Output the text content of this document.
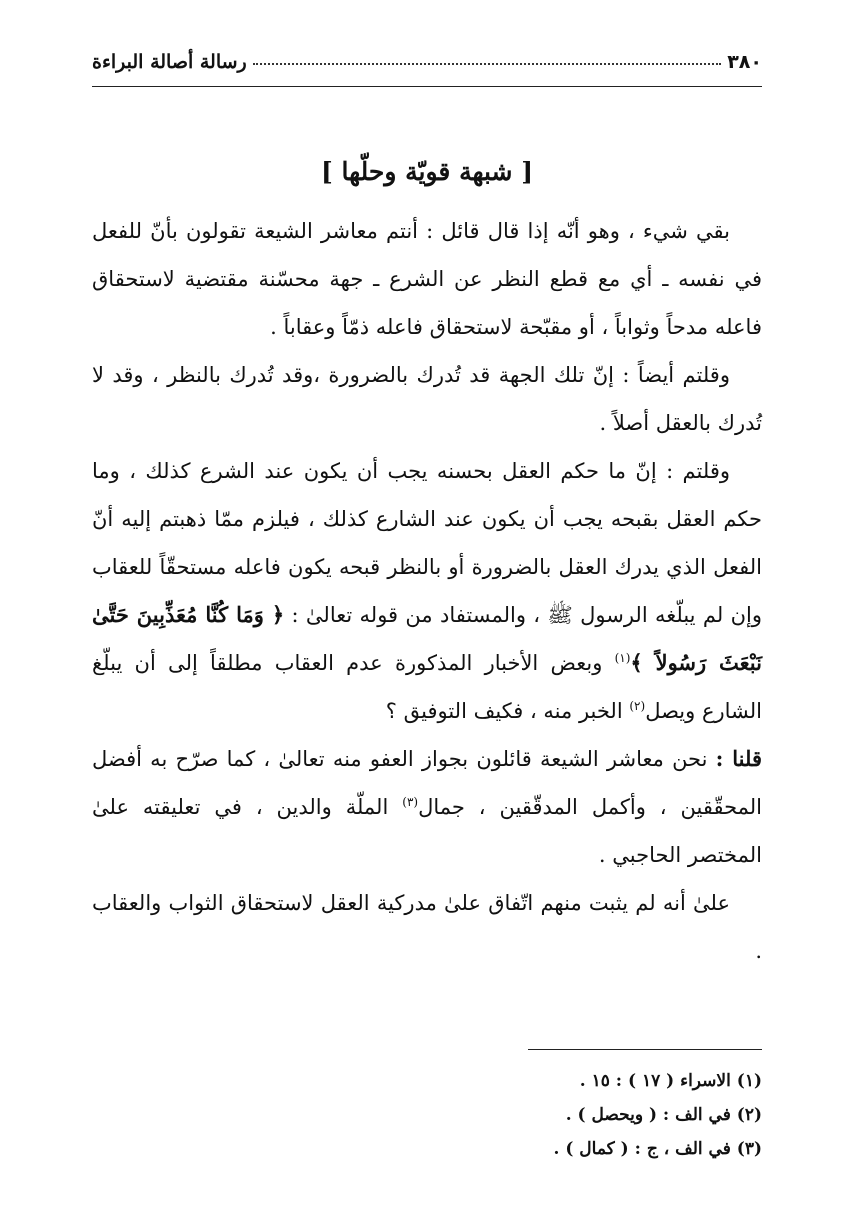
٣٨٠
رسالة أصالة البراءة
[ شبهة قويّة وحلّها ]

بقي شيء ، وهو أنّه إذا قال قائل : أنتم معاشر الشيعة تقولون بأنّ للفعل في نفسه ـ أي مع قطع النظر عن الشرع ـ جهة محسّنة مقتضية لاستحقاق فاعله مدحاً وثواباً ، أو مقبّحة لاستحقاق فاعله ذمّاً وعقاباً .

وقلتم أيضاً : إنّ تلك الجهة قد تُدرك بالضرورة ،وقد تُدرك بالنظر ، وقد لا تُدرك بالعقل أصلاً .

وقلتم : إنّ ما حكم العقل بحسنه يجب أن يكون عند الشرع كذلك ، وما حكم العقل بقبحه يجب أن يكون عند الشارع كذلك ، فيلزم ممّا ذهبتم إليه أنّ الفعل الذي يدرك العقل بالضرورة أو بالنظر قبحه يكون فاعله مستحقّاً للعقاب وإن لم يبلّغه الرسول ﷺ ، والمستفاد من قوله تعالىٰ : ﴿ وَمَا كُنَّا مُعَذِّبِينَ حَتَّىٰ نَبْعَثَ رَسُولاً ﴾$^{(١)}$ وبعض الأخبار المذكورة عدم العقاب مطلقاً إلى أن يبلّغ الشارع ويصل$^{(٢)}$ الخبر منه ، فكيف التوفيق ؟

قلنا : نحن معاشر الشيعة قائلون بجواز العفو منه تعالىٰ ، كما صرّح به أفضل المحقّقين ، وأكمل المدقّقين ، جمال$^{(٣)}$ الملّة والدين ، في تعليقته علىٰ المختصر الحاجبي .

علىٰ أنه لم يثبت منهم اتّفاق علىٰ مدركية العقل لاستحقاق الثواب والعقاب .

(١) الاسراء ( ١٧ ) : ١٥ .
(٢) في الف : ( ويحصل ) .
(٣) في الف ، ج : ( كمال ) .
